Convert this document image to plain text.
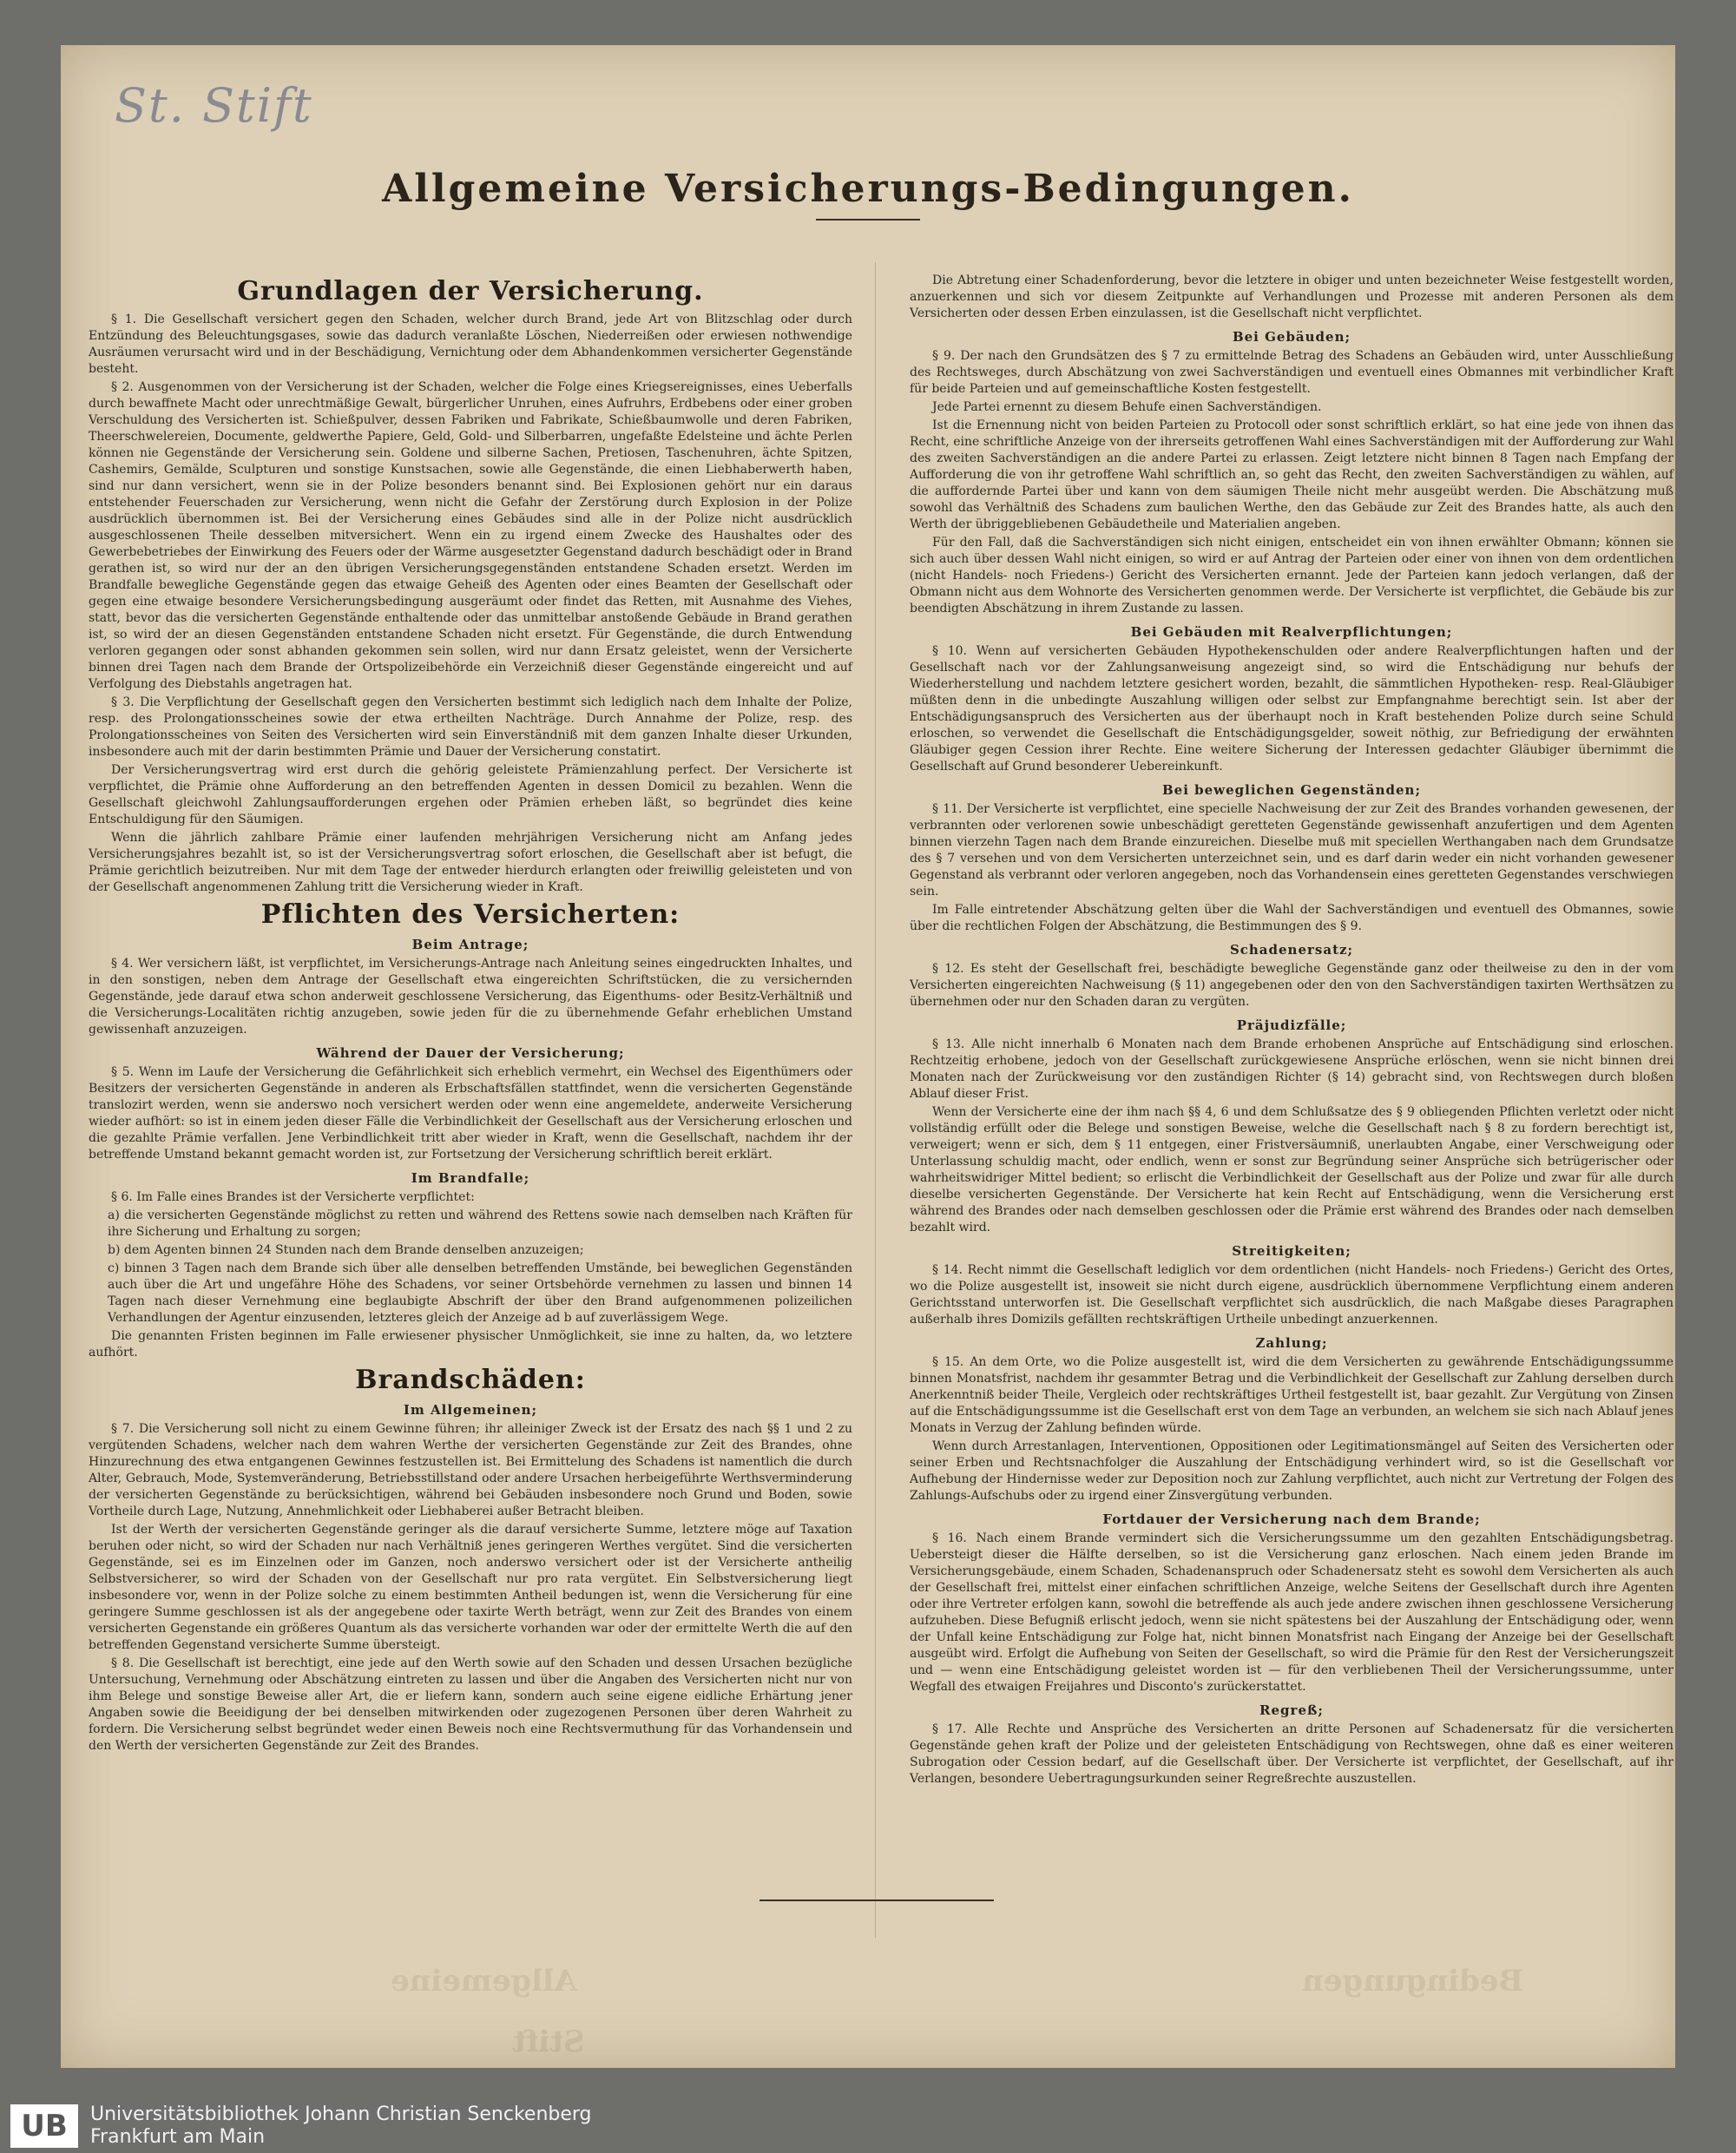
St. Stift
Allgemeine Versicherungs-Bedingungen.
Allgemeine	Bedingungen
Stift
Grundlagen der Versicherung.

§ 1. Die Gesellschaft versichert gegen den Schaden, welcher durch Brand, jede Art von Blitzschlag oder durch Entzündung des Beleuchtungsgases, sowie das dadurch veranlaßte Löschen, Niederreißen oder erwiesen nothwendige Ausräumen verursacht wird und in der Beschädigung, Vernichtung oder dem Abhandenkommen versicherter Gegenstände besteht.

§ 2. Ausgenommen von der Versicherung ist der Schaden, welcher die Folge eines Kriegsereignisses, eines Ueberfalls durch bewaffnete Macht oder unrechtmäßige Gewalt, bürgerlicher Unruhen, eines Aufruhrs, Erdbebens oder einer groben Verschuldung des Versicherten ist. Schießpulver, dessen Fabriken und Fabrikate, Schießbaumwolle und deren Fabriken, Theerschwelereien, Documente, geldwerthe Papiere, Geld, Gold- und Silberbarren, ungefaßte Edelsteine und ächte Perlen können nie Gegenstände der Versicherung sein. Goldene und silberne Sachen, Pretiosen, Taschenuhren, ächte Spitzen, Cashemirs, Gemälde, Sculpturen und sonstige Kunstsachen, sowie alle Gegenstände, die einen Liebhaberwerth haben, sind nur dann versichert, wenn sie in der Polize besonders benannt sind. Bei Explosionen gehört nur ein daraus entstehender Feuerschaden zur Versicherung, wenn nicht die Gefahr der Zerstörung durch Explosion in der Polize ausdrücklich übernommen ist. Bei der Versicherung eines Gebäudes sind alle in der Polize nicht ausdrücklich ausgeschlossenen Theile desselben mitversichert. Wenn ein zu irgend einem Zwecke des Haushaltes oder des Gewerbebetriebes der Einwirkung des Feuers oder der Wärme ausgesetzter Gegenstand dadurch beschädigt oder in Brand gerathen ist, so wird nur der an den übrigen Versicherungsgegenständen entstandene Schaden ersetzt. Werden im Brandfalle bewegliche Gegenstände gegen das etwaige Geheiß des Agenten oder eines Beamten der Gesellschaft oder gegen eine etwaige besondere Versicherungsbedingung ausgeräumt oder findet das Retten, mit Ausnahme des Viehes, statt, bevor das die versicherten Gegenstände enthaltende oder das unmittelbar anstoßende Gebäude in Brand gerathen ist, so wird der an diesen Gegenständen entstandene Schaden nicht ersetzt. Für Gegenstände, die durch Entwendung verloren gegangen oder sonst abhanden gekommen sein sollen, wird nur dann Ersatz geleistet, wenn der Versicherte binnen drei Tagen nach dem Brande der Ortspolizeibehörde ein Verzeichniß dieser Gegenstände eingereicht und auf Verfolgung des Diebstahls angetragen hat.

§ 3. Die Verpflichtung der Gesellschaft gegen den Versicherten bestimmt sich lediglich nach dem Inhalte der Polize, resp. des Prolongationsscheines sowie der etwa ertheilten Nachträge. Durch Annahme der Polize, resp. des Prolongationsscheines von Seiten des Versicherten wird sein Einverständniß mit dem ganzen Inhalte dieser Urkunden, insbesondere auch mit der darin bestimmten Prämie und Dauer der Versicherung constatirt.

Der Versicherungsvertrag wird erst durch die gehörig geleistete Prämienzahlung perfect. Der Versicherte ist verpflichtet, die Prämie ohne Aufforderung an den betreffenden Agenten in dessen Domicil zu bezahlen. Wenn die Gesellschaft gleichwohl Zahlungsaufforderungen ergehen oder Prämien erheben läßt, so begründet dies keine Entschuldigung für den Säumigen.

Wenn die jährlich zahlbare Prämie einer laufenden mehrjährigen Versicherung nicht am Anfang jedes Versicherungsjahres bezahlt ist, so ist der Versicherungsvertrag sofort erloschen, die Gesellschaft aber ist befugt, die Prämie gerichtlich beizutreiben. Nur mit dem Tage der entweder hierdurch erlangten oder freiwillig geleisteten und von der Gesellschaft angenommenen Zahlung tritt die Versicherung wieder in Kraft.

Pflichten des Versicherten:
Beim Antrage;

§ 4. Wer versichern läßt, ist verpflichtet, im Versicherungs-Antrage nach Anleitung seines eingedruckten Inhaltes, und in den sonstigen, neben dem Antrage der Gesellschaft etwa eingereichten Schriftstücken, die zu versichernden Gegenstände, jede darauf etwa schon anderweit geschlossene Versicherung, das Eigenthums- oder Besitz-Verhältniß und die Versicherungs-Localitäten richtig anzugeben, sowie jeden für die zu übernehmende Gefahr erheblichen Umstand gewissenhaft anzuzeigen.

Während der Dauer der Versicherung;

§ 5. Wenn im Laufe der Versicherung die Gefährlichkeit sich erheblich vermehrt, ein Wechsel des Eigenthümers oder Besitzers der versicherten Gegenstände in anderen als Erbschaftsfällen stattfindet, wenn die versicherten Gegenstände translozirt werden, wenn sie anderswo noch versichert werden oder wenn eine angemeldete, anderweite Versicherung wieder aufhört: so ist in einem jeden dieser Fälle die Verbindlichkeit der Gesellschaft aus der Versicherung erloschen und die gezahlte Prämie verfallen. Jene Verbindlichkeit tritt aber wieder in Kraft, wenn die Gesellschaft, nachdem ihr der betreffende Umstand bekannt gemacht worden ist, zur Fortsetzung der Versicherung schriftlich bereit erklärt.

Im Brandfalle;

§ 6. Im Falle eines Brandes ist der Versicherte verpflichtet:

a) die versicherten Gegenstände möglichst zu retten und während des Rettens sowie nach demselben nach Kräften für ihre Sicherung und Erhaltung zu sorgen;
b) dem Agenten binnen 24 Stunden nach dem Brande denselben anzuzeigen;
c) binnen 3 Tagen nach dem Brande sich über alle denselben betreffenden Umstände, bei beweglichen Gegenständen auch über die Art und ungefähre Höhe des Schadens, vor seiner Ortsbehörde vernehmen zu lassen und binnen 14 Tagen nach dieser Vernehmung eine beglaubigte Abschrift der über den Brand aufgenommenen polizeilichen Verhandlungen der Agentur einzusenden, letzteres gleich der Anzeige ad b auf zuverlässigem Wege.

Die genannten Fristen beginnen im Falle erwiesener physischer Unmöglichkeit, sie inne zu halten, da, wo letztere aufhört.

Brandschäden:
Im Allgemeinen;

§ 7. Die Versicherung soll nicht zu einem Gewinne führen; ihr alleiniger Zweck ist der Ersatz des nach §§ 1 und 2 zu vergütenden Schadens, welcher nach dem wahren Werthe der versicherten Gegenstände zur Zeit des Brandes, ohne Hinzurechnung des etwa entgangenen Gewinnes festzustellen ist. Bei Ermittelung des Schadens ist namentlich die durch Alter, Gebrauch, Mode, Systemveränderung, Betriebsstillstand oder andere Ursachen herbeigeführte Werthsverminderung der versicherten Gegenstände zu berücksichtigen, während bei Gebäuden insbesondere noch Grund und Boden, sowie Vortheile durch Lage, Nutzung, Annehmlichkeit oder Liebhaberei außer Betracht bleiben.

Ist der Werth der versicherten Gegenstände geringer als die darauf versicherte Summe, letztere möge auf Taxation beruhen oder nicht, so wird der Schaden nur nach Verhältniß jenes geringeren Werthes vergütet. Sind die versicherten Gegenstände, sei es im Einzelnen oder im Ganzen, noch anderswo versichert oder ist der Versicherte antheilig Selbstversicherer, so wird der Schaden von der Gesellschaft nur pro rata vergütet. Ein Selbstversicherung liegt insbesondere vor, wenn in der Polize solche zu einem bestimmten Antheil bedungen ist, wenn die Versicherung für eine geringere Summe geschlossen ist als der angegebene oder taxirte Werth beträgt, wenn zur Zeit des Brandes von einem versicherten Gegenstande ein größeres Quantum als das versicherte vorhanden war oder der ermittelte Werth die auf den betreffenden Gegenstand versicherte Summe übersteigt.

§ 8. Die Gesellschaft ist berechtigt, eine jede auf den Werth sowie auf den Schaden und dessen Ursachen bezügliche Untersuchung, Vernehmung oder Abschätzung eintreten zu lassen und über die Angaben des Versicherten nicht nur von ihm Belege und sonstige Beweise aller Art, die er liefern kann, sondern auch seine eigene eidliche Erhärtung jener Angaben sowie die Beeidigung der bei denselben mitwirkenden oder zugezogenen Personen über deren Wahrheit zu fordern. Die Versicherung selbst begründet weder einen Beweis noch eine Rechtsvermuthung für das Vorhandensein und den Werth der versicherten Gegenstände zur Zeit des Brandes.

Die Abtretung einer Schadenforderung, bevor die letztere in obiger und unten bezeichneter Weise festgestellt worden, anzuerkennen und sich vor diesem Zeitpunkte auf Verhandlungen und Prozesse mit anderen Personen als dem Versicherten oder dessen Erben einzulassen, ist die Gesellschaft nicht verpflichtet.

Bei Gebäuden;

§ 9. Der nach den Grundsätzen des § 7 zu ermittelnde Betrag des Schadens an Gebäuden wird, unter Ausschließung des Rechtsweges, durch Abschätzung von zwei Sachverständigen und eventuell eines Obmannes mit verbindlicher Kraft für beide Parteien und auf gemeinschaftliche Kosten festgestellt.

Jede Partei ernennt zu diesem Behufe einen Sachverständigen.

Ist die Ernennung nicht von beiden Parteien zu Protocoll oder sonst schriftlich erklärt, so hat eine jede von ihnen das Recht, eine schriftliche Anzeige von der ihrerseits getroffenen Wahl eines Sachverständigen mit der Aufforderung zur Wahl des zweiten Sachverständigen an die andere Partei zu erlassen. Zeigt letztere nicht binnen 8 Tagen nach Empfang der Aufforderung die von ihr getroffene Wahl schriftlich an, so geht das Recht, den zweiten Sachverständigen zu wählen, auf die auffordernde Partei über und kann von dem säumigen Theile nicht mehr ausgeübt werden. Die Abschätzung muß sowohl das Verhältniß des Schadens zum baulichen Werthe, den das Gebäude zur Zeit des Brandes hatte, als auch den Werth der übriggebliebenen Gebäudetheile und Materialien angeben.

Für den Fall, daß die Sachverständigen sich nicht einigen, entscheidet ein von ihnen erwählter Obmann; können sie sich auch über dessen Wahl nicht einigen, so wird er auf Antrag der Parteien oder einer von ihnen von dem ordentlichen (nicht Handels- noch Friedens-) Gericht des Versicherten ernannt. Jede der Parteien kann jedoch verlangen, daß der Obmann nicht aus dem Wohnorte des Versicherten genommen werde. Der Versicherte ist verpflichtet, die Gebäude bis zur beendigten Abschätzung in ihrem Zustande zu lassen.

Bei Gebäuden mit Realverpflichtungen;

§ 10. Wenn auf versicherten Gebäuden Hypothekenschulden oder andere Realverpflichtungen haften und der Gesellschaft nach vor der Zahlungsanweisung angezeigt sind, so wird die Entschädigung nur behufs der Wiederherstellung und nachdem letztere gesichert worden, bezahlt, die sämmtlichen Hypotheken- resp. Real-Gläubiger müßten denn in die unbedingte Auszahlung willigen oder selbst zur Empfangnahme berechtigt sein. Ist aber der Entschädigungsanspruch des Versicherten aus der überhaupt noch in Kraft bestehenden Polize durch seine Schuld erloschen, so verwendet die Gesellschaft die Entschädigungsgelder, soweit nöthig, zur Befriedigung der erwähnten Gläubiger gegen Cession ihrer Rechte. Eine weitere Sicherung der Interessen gedachter Gläubiger übernimmt die Gesellschaft auf Grund besonderer Uebereinkunft.

Bei beweglichen Gegenständen;

§ 11. Der Versicherte ist verpflichtet, eine specielle Nachweisung der zur Zeit des Brandes vorhanden gewesenen, der verbrannten oder verlorenen sowie unbeschädigt geretteten Gegenstände gewissenhaft anzufertigen und dem Agenten binnen vierzehn Tagen nach dem Brande einzureichen. Dieselbe muß mit speciellen Werthangaben nach dem Grundsatze des § 7 versehen und von dem Versicherten unterzeichnet sein, und es darf darin weder ein nicht vorhanden gewesener Gegenstand als verbrannt oder verloren angegeben, noch das Vorhandensein eines geretteten Gegenstandes verschwiegen sein.

Im Falle eintretender Abschätzung gelten über die Wahl der Sachverständigen und eventuell des Obmannes, sowie über die rechtlichen Folgen der Abschätzung, die Bestimmungen des § 9.

Schadenersatz;

§ 12. Es steht der Gesellschaft frei, beschädigte bewegliche Gegenstände ganz oder theilweise zu den in der vom Versicherten eingereichten Nachweisung (§ 11) angegebenen oder den von den Sachverständigen taxirten Werthsätzen zu übernehmen oder nur den Schaden daran zu vergüten.

Präjudizfälle;

§ 13. Alle nicht innerhalb 6 Monaten nach dem Brande erhobenen Ansprüche auf Entschädigung sind erloschen. Rechtzeitig erhobene, jedoch von der Gesellschaft zurückgewiesene Ansprüche erlöschen, wenn sie nicht binnen drei Monaten nach der Zurückweisung vor den zuständigen Richter (§ 14) gebracht sind, von Rechtswegen durch bloßen Ablauf dieser Frist.

Wenn der Versicherte eine der ihm nach §§ 4, 6 und dem Schlußsatze des § 9 obliegenden Pflichten verletzt oder nicht vollständig erfüllt oder die Belege und sonstigen Beweise, welche die Gesellschaft nach § 8 zu fordern berechtigt ist, verweigert; wenn er sich, dem § 11 entgegen, einer Fristversäumniß, unerlaubten Angabe, einer Verschweigung oder Unterlassung schuldig macht, oder endlich, wenn er sonst zur Begründung seiner Ansprüche sich betrügerischer oder wahrheitswidriger Mittel bedient; so erlischt die Verbindlichkeit der Gesellschaft aus der Polize und zwar für alle durch dieselbe versicherten Gegenstände. Der Versicherte hat kein Recht auf Entschädigung, wenn die Versicherung erst während des Brandes oder nach demselben geschlossen oder die Prämie erst während des Brandes oder nach demselben bezahlt wird.

Streitigkeiten;

§ 14. Recht nimmt die Gesellschaft lediglich vor dem ordentlichen (nicht Handels- noch Friedens-) Gericht des Ortes, wo die Polize ausgestellt ist, insoweit sie nicht durch eigene, ausdrücklich übernommene Verpflichtung einem anderen Gerichtsstand unterworfen ist. Die Gesellschaft verpflichtet sich ausdrücklich, die nach Maßgabe dieses Paragraphen außerhalb ihres Domizils gefällten rechtskräftigen Urtheile unbedingt anzuerkennen.

Zahlung;

§ 15. An dem Orte, wo die Polize ausgestellt ist, wird die dem Versicherten zu gewährende Entschädigungssumme binnen Monatsfrist, nachdem ihr gesammter Betrag und die Verbindlichkeit der Gesellschaft zur Zahlung derselben durch Anerkenntniß beider Theile, Vergleich oder rechtskräftiges Urtheil festgestellt ist, baar gezahlt. Zur Vergütung von Zinsen auf die Entschädigungssumme ist die Gesellschaft erst von dem Tage an verbunden, an welchem sie sich nach Ablauf jenes Monats in Verzug der Zahlung befinden würde.

Wenn durch Arrestanlagen, Interventionen, Oppositionen oder Legitimationsmängel auf Seiten des Versicherten oder seiner Erben und Rechtsnachfolger die Auszahlung der Entschädigung verhindert wird, so ist die Gesellschaft vor Aufhebung der Hindernisse weder zur Deposition noch zur Zahlung verpflichtet, auch nicht zur Vertretung der Folgen des Zahlungs-Aufschubs oder zu irgend einer Zinsvergütung verbunden.

Fortdauer der Versicherung nach dem Brande;

§ 16. Nach einem Brande vermindert sich die Versicherungssumme um den gezahlten Entschädigungsbetrag. Uebersteigt dieser die Hälfte derselben, so ist die Versicherung ganz erloschen. Nach einem jeden Brande im Versicherungsgebäude, einem Schaden, Schadenanspruch oder Schadenersatz steht es sowohl dem Versicherten als auch der Gesellschaft frei, mittelst einer einfachen schriftlichen Anzeige, welche Seitens der Gesellschaft durch ihre Agenten oder ihre Vertreter erfolgen kann, sowohl die betreffende als auch jede andere zwischen ihnen geschlossene Versicherung aufzuheben. Diese Befugniß erlischt jedoch, wenn sie nicht spätestens bei der Auszahlung der Entschädigung oder, wenn der Unfall keine Entschädigung zur Folge hat, nicht binnen Monatsfrist nach Eingang der Anzeige bei der Gesellschaft ausgeübt wird. Erfolgt die Aufhebung von Seiten der Gesellschaft, so wird die Prämie für den Rest der Versicherungszeit und — wenn eine Entschädigung geleistet worden ist — für den verbliebenen Theil der Versicherungssumme, unter Wegfall des etwaigen Freijahres und Disconto's zurückerstattet.

Regreß;

§ 17. Alle Rechte und Ansprüche des Versicherten an dritte Personen auf Schadenersatz für die versicherten Gegenstände gehen kraft der Polize und der geleisteten Entschädigung von Rechtswegen, ohne daß es einer weiteren Subrogation oder Cession bedarf, auf die Gesellschaft über. Der Versicherte ist verpflichtet, der Gesellschaft, auf ihr Verlangen, besondere Uebertragungsurkunden seiner Regreßrechte auszustellen.

UB	Universitätsbibliothek Johann Christian Senckenberg
Frankfurt am Main
